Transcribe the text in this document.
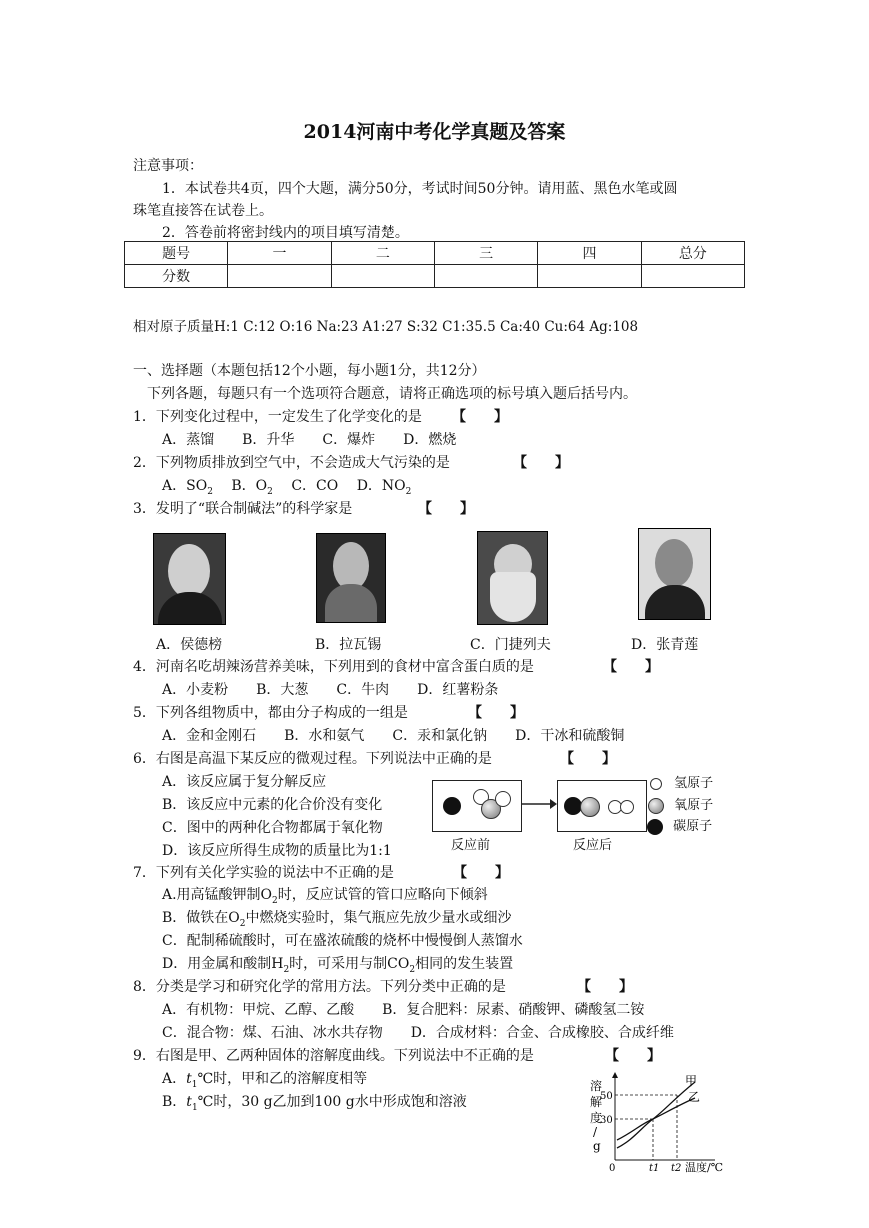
2014河南中考化学真题及答案
注意事项：
1．本试卷共4页，四个大题，满分50分，考试时间50分钟。请用蓝、黑色水笔或圆
珠笔直接答在试卷上。
2．答卷前将密封线内的项目填写清楚。
题号	一	二	三	四	总分
分数					
相对原子质量H:1 C:12 O:16 Na:23 A1:27 S:32 C1:35.5 Ca:40 Cu:64 Ag:108
一、选择题（本题包括12个小题，每小题1分，共12分）
下列各题，每题只有一个选项符合题意，请将正确选项的标号填入题后括号内。
1．下列变化过程中，一定发生了化学变化的是 【　　】
A．蒸馏　　B．升华　　C．爆炸　　D．燃烧
2．下列物质排放到空气中，不会造成大气污染的是	【　　】
A．$SO_2$ B．$O_2$ C．CO D．$NO_2$
3．发明了“联合制碱法”的科学家是	【　　】
A．侯德榜	B．拉瓦锡	C．门捷列夫	D．张青莲
4．河南名吃胡辣汤营养美味，下列用到的食材中富含蛋白质的是	【　　】
A．小麦粉　　B．大葱　　C．牛肉　　D．红薯粉条
5．下列各组物质中，都由分子构成的一组是	【　　】
A．金和金刚石　　B．水和氨气　　C．汞和氯化钠　　D．干冰和硫酸铜
6．右图是高温下某反应的微观过程。下列说法中正确的是	【　　】
A．该反应属于复分解反应
B．该反应中元素的化合价没有变化
C．图中的两种化合物都属于氧化物
D．该反应所得生成物的质量比为1:1	反应前	反应后
氢原子
氧原子
碳原子
7．下列有关化学实验的说法中不正确的是	【　　】
A.用高锰酸钾制$O_2$时，反应试管的管口应略向下倾斜
B．做铁在$O_2$中燃烧实验时，集气瓶应先放少量水或细沙
C．配制稀硫酸时，可在盛浓硫酸的烧杯中慢慢倒人蒸馏水
D．用金属和酸制$H_2$时，可采用与制$CO_2$相同的发生装置
8．分类是学习和研究化学的常用方法。下列分类中正确的是	【　　】
A．有机物：甲烷、乙醇、乙酸　　B．复合肥料：尿素、硝酸钾、磷酸氢二铵
C．混合物：煤、石油、冰水共存物　　D．合成材料：合金、合成橡胶、合成纤维
9．右图是甲、乙两种固体的溶解度曲线。下列说法中不正确的是	【　　】
A．$t_1℃$时，甲和乙的溶解度相等
B．$t_1℃$时，30 g乙加到100 g水中形成饱和溶液
溶
解
度
/
g
50
30
0	t1 t2 温度/℃
甲
乙
